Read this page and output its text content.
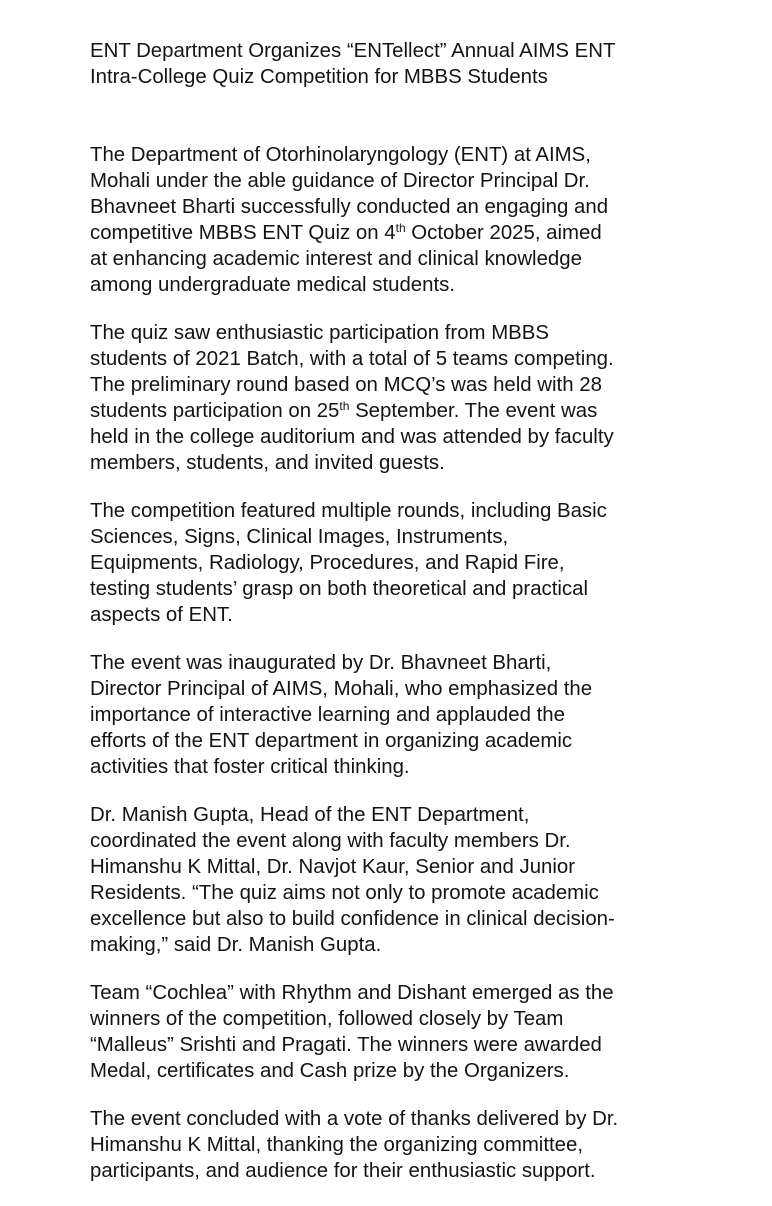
ENT Department Organizes “ENTellect” Annual AIMS ENT
Intra-College Quiz Competition for MBBS Students
The Department of Otorhinolaryngology (ENT) at AIMS,
Mohali under the able guidance of Director Principal Dr.
Bhavneet Bharti successfully conducted an engaging and
competitive MBBS ENT Quiz on 4th October 2025, aimed
at enhancing academic interest and clinical knowledge
among undergraduate medical students.
The quiz saw enthusiastic participation from MBBS
students of 2021 Batch, with a total of 5 teams competing.
The preliminary round based on MCQ’s was held with 28
students participation on 25th September. The event was
held in the college auditorium and was attended by faculty
members, students, and invited guests.
The competition featured multiple rounds, including Basic
Sciences, Signs, Clinical Images, Instruments,
Equipments, Radiology, Procedures, and Rapid Fire,
testing students’ grasp on both theoretical and practical
aspects of ENT.
The event was inaugurated by Dr. Bhavneet Bharti,
Director Principal of AIMS, Mohali, who emphasized the
importance of interactive learning and applauded the
efforts of the ENT department in organizing academic
activities that foster critical thinking.
Dr. Manish Gupta, Head of the ENT Department,
coordinated the event along with faculty members Dr.
Himanshu K Mittal, Dr. Navjot Kaur, Senior and Junior
Residents. “The quiz aims not only to promote academic
excellence but also to build confidence in clinical decision-
making,” said Dr. Manish Gupta.
Team “Cochlea” with Rhythm and Dishant emerged as the
winners of the competition, followed closely by Team
“Malleus” Srishti and Pragati. The winners were awarded
Medal, certificates and Cash prize by the Organizers.
The event concluded with a vote of thanks delivered by Dr.
Himanshu K Mittal, thanking the organizing committee,
participants, and audience for their enthusiastic support.
